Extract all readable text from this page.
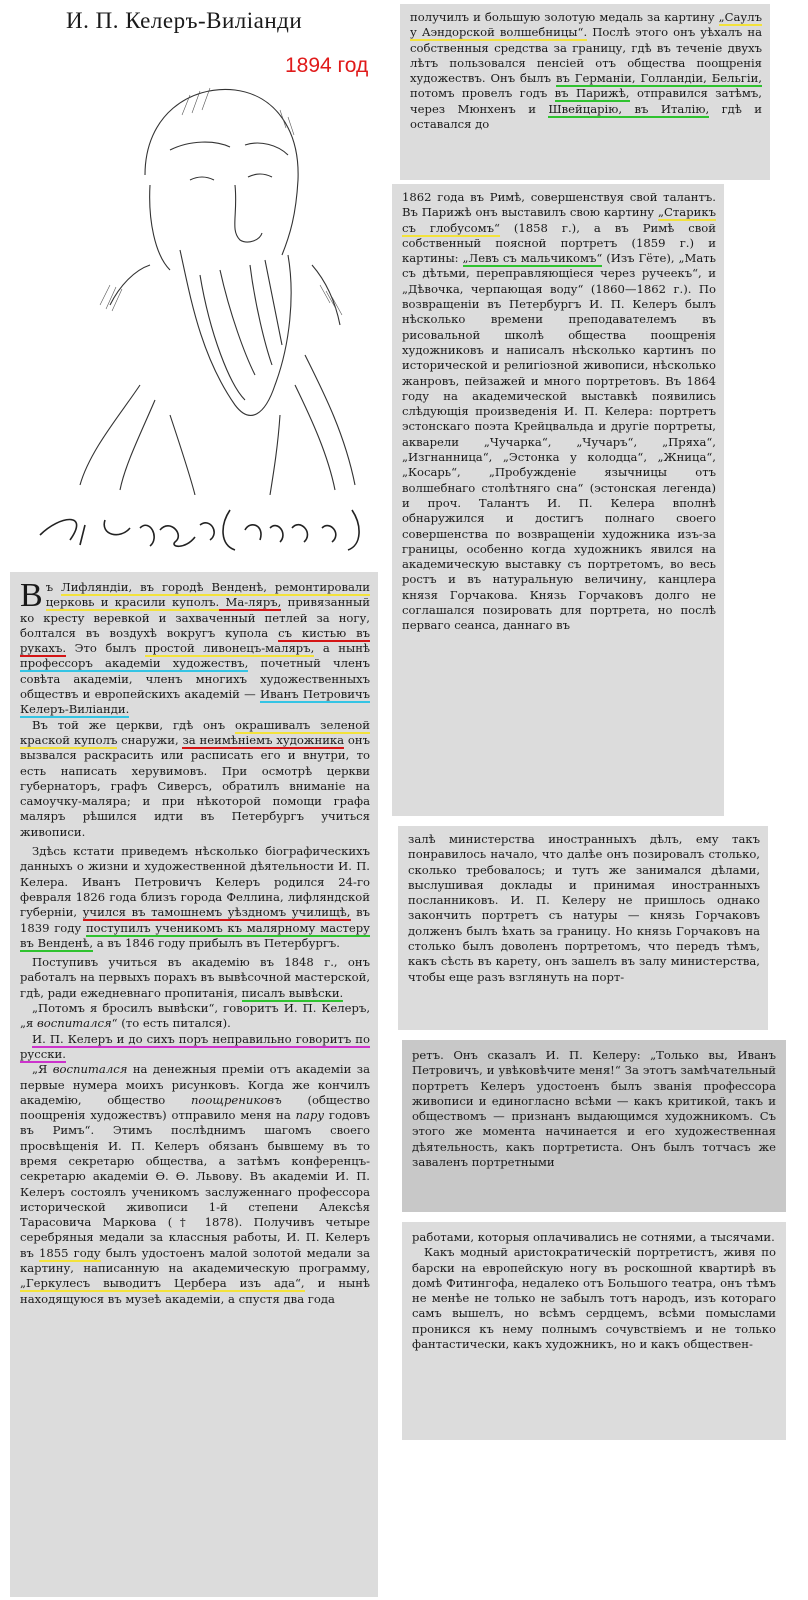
И. П. Келеръ-Виліанди
1894 год
И. Келеръ (Виліанди)

Въ Лифляндіи, въ городѣ Венденѣ, ремонтировали церковь и красили куполъ. Ма-ляръ, привязанный ко кресту веревкой и захваченный петлей за ногу, болтался въ воздухѣ вокругъ купола съ кистью въ рукахъ. Это былъ простой ливонецъ-маляръ, а нынѣ профессоръ академіи художествъ, почетный членъ совѣта академіи, членъ многихъ художественныхъ обществъ и европейскихъ академій — Иванъ Петровичъ Келеръ-Виліанди.

Въ той же церкви, гдѣ онъ окрашивалъ зеленой краской куполъ снаружи, за неимѣніемъ художника онъ вызвался раскрасить или расписать его и внутри, то есть написать херувимовъ. При осмотрѣ церкви губернаторъ, графъ Сиверсъ, обратилъ вниманіе на самоучку-маляра; и при нѣкоторой помощи графа маляръ рѣшился идти въ Петербургъ учиться живописи.

Здѣсь кстати приведемъ нѣсколько біографическихъ данныхъ о жизни и художественной дѣятельности И. П. Келера. Иванъ Петровичъ Келеръ родился 24-го февраля 1826 года близъ города Феллина, лифляндской губерніи, учился въ тамошнемъ уѣздномъ училищѣ, въ 1839 году поступилъ ученикомъ къ малярному мастеру въ Венденѣ, а въ 1846 году прибылъ въ Петербургъ.

Поступивъ учиться въ академію въ 1848 г., онъ работалъ на первыхъ порахъ въ вывѣсочной мастерской, гдѣ, ради ежедневнаго пропитанія, писалъ вывѣски.

„Потомъ я бросилъ вывѣски“, говоритъ И. П. Келеръ, „я воспитался“ (то есть питался).

И. П. Келеръ и до сихъ поръ неправильно говоритъ по русски.

„Я воспитался на денежныя преміи отъ академіи за первые нумера моихъ рисунковъ. Когда же кончилъ академію, общество поощрениковъ (общество поощренія художествъ) отправило меня на пару годовъ въ Римъ“. Этимъ послѣднимъ шагомъ своего просвѣщенія И. П. Келеръ обязанъ бывшему въ то время секретарю общества, а затѣмъ конференцъ-секретарю академіи Ѳ. Ѳ. Львову. Въ академіи И. П. Келеръ состоялъ ученикомъ заслуженнаго профессора исторической живописи 1-й степени Алексѣя Тарасовича Маркова († 1878). Получивъ четыре серебряныя медали за классныя работы, И. П. Келеръ въ 1855 году былъ удостоенъ малой золотой медали за картину, написанную на академическую программу, „Геркулесъ выводитъ Цербера изъ ада“, и нынѣ находящуюся въ музеѣ академіи, а спустя два года

получилъ и большую золотую медаль за картину „Саулъ у Аэндорской волшебницы“. Послѣ этого онъ уѣхалъ на собственныя средства за границу, гдѣ въ теченіе двухъ лѣтъ пользовался пенсіей отъ общества поощренія художествъ. Онъ былъ въ Германіи, Голландіи, Бельгіи, потомъ провелъ годъ въ Парижѣ, отправился затѣмъ, через Мюнхенъ и Швейцарію, въ Италію, гдѣ и оставался до

1862 года въ Римѣ, совершенствуя свой талантъ. Въ Парижѣ онъ выставилъ свою картину „Старикъ съ глобусомъ“ (1858 г.), а въ Римѣ свой собственный поясной портретъ (1859 г.) и картины: „Левъ съ мальчикомъ“ (Изъ Гёте), „Мать съ дѣтьми, переправляющіеся через ручеекъ“, и „Дѣвочка, черпающая воду“ (1860—1862 г.). По возвращеніи въ Петербургъ И. П. Келеръ былъ нѣсколько времени преподавателемъ въ рисовальной школѣ общества поощренія художниковъ и написалъ нѣсколько картинъ по исторической и религіозной живописи, нѣсколько жанровъ, пейзажей и много портретовъ. Въ 1864 году на академической выставкѣ появились слѣдующія произведенія И. П. Келера: портретъ эстонскаго поэта Крейцвальда и другіе портреты, акварели „Чучарка“, „Чучаръ“, „Пряха“, „Изгнанница“, „Эстонка у колодца“, „Жница“, „Косарь“, „Пробужденіе язычницы отъ волшебнаго столѣтняго сна“ (эстонская легенда) и проч. Талантъ И. П. Келера вполнѣ обнаружился и достигъ полнаго своего совершенства по возвращеніи художника изъ-за границы, особенно когда художникъ явился на академическую выставку съ портретомъ, во весь ростъ и въ натуральную величину, канцлера князя Горчакова. Князь Горчаковъ долго не соглашался позировать для портрета, но послѣ перваго сеанса, даннаго въ

залѣ министерства иностранныхъ дѣлъ, ему такъ понравилось начало, что далѣе онъ позировалъ столько, сколько требовалось; и тутъ же занимался дѣлами, выслушивая доклады и принимая иностранныхъ посланниковъ. И. П. Келеру не пришлось однако закончить портретъ съ натуры — князь Горчаковъ долженъ былъ ѣхать за границу. Но князь Горчаковъ на столько былъ доволенъ портретомъ, что передъ тѣмъ, какъ сѣсть въ карету, онъ зашелъ въ залу министерства, чтобы еще разъ взглянуть на порт-

ретъ. Онъ сказалъ И. П. Келеру: „Только вы, Иванъ Петровичъ, и увѣковѣчите меня!“ За этотъ замѣчательный портретъ Келеръ удостоенъ былъ званія профессора живописи и единогласно всѣми — какъ критикой, такъ и обществомъ — признанъ выдающимся художникомъ. Съ этого же момента начинается и его художественная дѣятельность, какъ портретиста. Онъ былъ тотчасъ же заваленъ портретными

работами, которыя оплачивались не сотнями, а тысячами.

Какъ модный аристократическій портретистъ, живя по барски на европейскую ногу въ роскошной квартирѣ въ домѣ Фитингофа, недалеко отъ Большого театра, онъ тѣмъ не менѣе не только не забылъ тотъ народъ, изъ котораго самъ вышелъ, но всѣмъ сердцемъ, всѣми помыслами проникся къ нему полнымъ сочувствіемъ и не только фантастически, какъ художникъ, но и какъ обществен-
